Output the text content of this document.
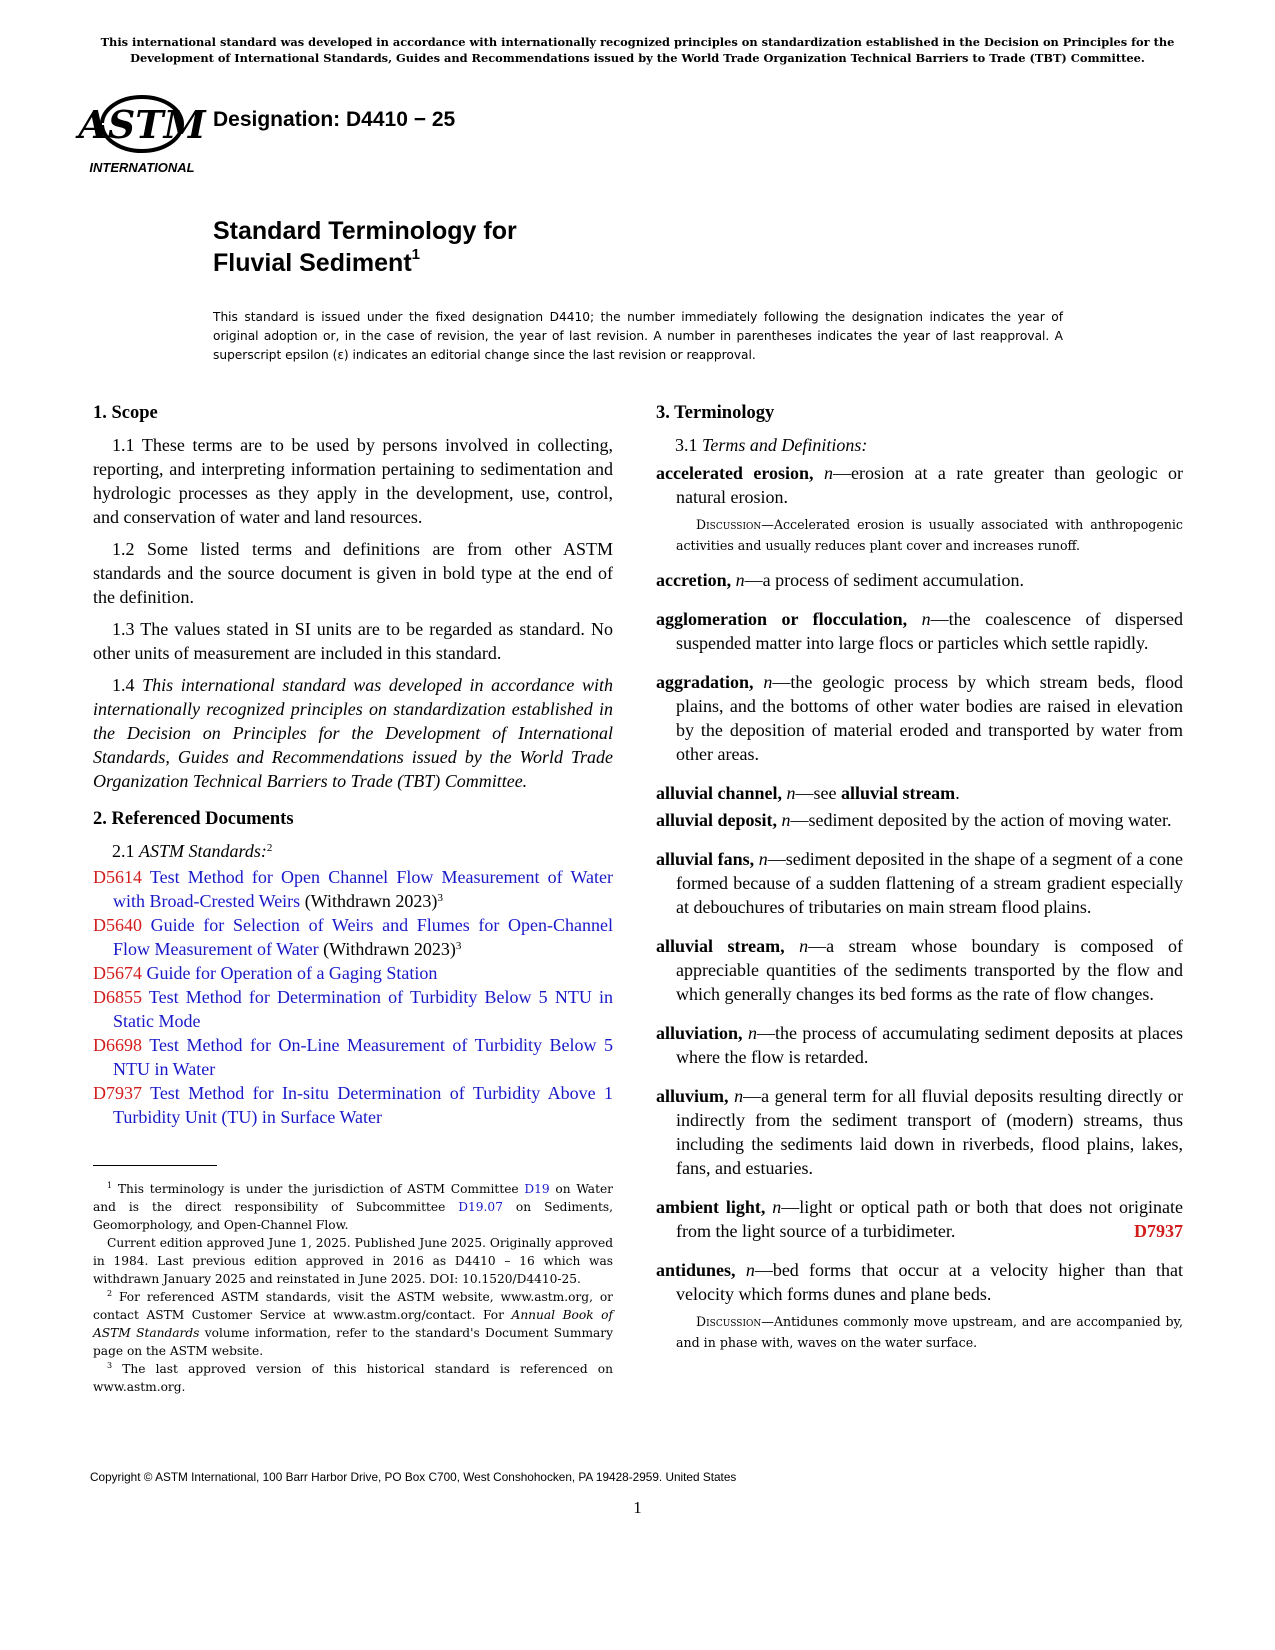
This international standard was developed in accordance with internationally recognized principles on standardization established in the Decision on Principles for the Development of International Standards, Guides and Recommendations issued by the World Trade Organization Technical Barriers to Trade (TBT) Committee.

ASTM
INTERNATIONAL
Designation: D4410 − 25
Standard Terminology for
Fluvial Sediment$^1$

This standard is issued under the fixed designation D4410; the number immediately following the designation indicates the year of original adoption or, in the case of revision, the year of last revision. A number in parentheses indicates the year of last reapproval. A superscript epsilon (ε) indicates an editorial change since the last revision or reapproval.

1. Scope

1.1 These terms are to be used by persons involved in collecting, reporting, and interpreting information pertaining to sedimentation and hydrologic processes as they apply in the development, use, control, and conservation of water and land resources.

1.2 Some listed terms and definitions are from other ASTM standards and the source document is given in bold type at the end of the definition.

1.3 The values stated in SI units are to be regarded as standard. No other units of measurement are included in this standard.

1.4 This international standard was developed in accordance with internationally recognized principles on standardization established in the Decision on Principles for the Development of International Standards, Guides and Recommendations issued by the World Trade Organization Technical Barriers to Trade (TBT) Committee.

2. Referenced Documents

2.1 ASTM Standards:$^2$

D5614 Test Method for Open Channel Flow Measurement of Water with Broad-Crested Weirs (Withdrawn 2023)$^3$

D5640 Guide for Selection of Weirs and Flumes for Open-Channel Flow Measurement of Water (Withdrawn 2023)$^3$

D5674 Guide for Operation of a Gaging Station

D6855 Test Method for Determination of Turbidity Below 5 NTU in Static Mode

D6698 Test Method for On-Line Measurement of Turbidity Below 5 NTU in Water

D7937 Test Method for In-situ Determination of Turbidity Above 1 Turbidity Unit (TU) in Surface Water

$^1$ This terminology is under the jurisdiction of ASTM Committee D19 on Water and is the direct responsibility of Subcommittee D19.07 on Sediments, Geomorphology, and Open-Channel Flow.

Current edition approved June 1, 2025. Published June 2025. Originally approved in 1984. Last previous edition approved in 2016 as D4410 – 16 which was withdrawn January 2025 and reinstated in June 2025. DOI: 10.1520/D4410-25.

$^2$ For referenced ASTM standards, visit the ASTM website, www.astm.org, or contact ASTM Customer Service at www.astm.org/contact. For Annual Book of ASTM Standards volume information, refer to the standard's Document Summary page on the ASTM website.

$^3$ The last approved version of this historical standard is referenced on www.astm.org.

3. Terminology

3.1 Terms and Definitions:

accelerated erosion, n—erosion at a rate greater than geologic or natural erosion.

Discussion—Accelerated erosion is usually associated with anthropogenic activities and usually reduces plant cover and increases runoff.

accretion, n—a process of sediment accumulation.

agglomeration or flocculation, n—the coalescence of dispersed suspended matter into large flocs or particles which settle rapidly.

aggradation, n—the geologic process by which stream beds, flood plains, and the bottoms of other water bodies are raised in elevation by the deposition of material eroded and transported by water from other areas.

alluvial channel, n—see alluvial stream.

alluvial deposit, n—sediment deposited by the action of moving water.

alluvial fans, n—sediment deposited in the shape of a segment of a cone formed because of a sudden flattening of a stream gradient especially at debouchures of tributaries on main stream flood plains.

alluvial stream, n—a stream whose boundary is composed of appreciable quantities of the sediments transported by the flow and which generally changes its bed forms as the rate of flow changes.

alluviation, n—the process of accumulating sediment deposits at places where the flow is retarded.

alluvium, n—a general term for all fluvial deposits resulting directly or indirectly from the sediment transport of (modern) streams, thus including the sediments laid down in riverbeds, flood plains, lakes, fans, and estuaries.

ambient light, n—light or optical path or both that does not originate from the light source of a turbidimeter.	D7937

antidunes, n—bed forms that occur at a velocity higher than that velocity which forms dunes and plane beds.

Discussion—Antidunes commonly move upstream, and are accompanied by, and in phase with, waves on the water surface.

Copyright © ASTM International, 100 Barr Harbor Drive, PO Box C700, West Conshohocken, PA 19428-2959. United States

1
